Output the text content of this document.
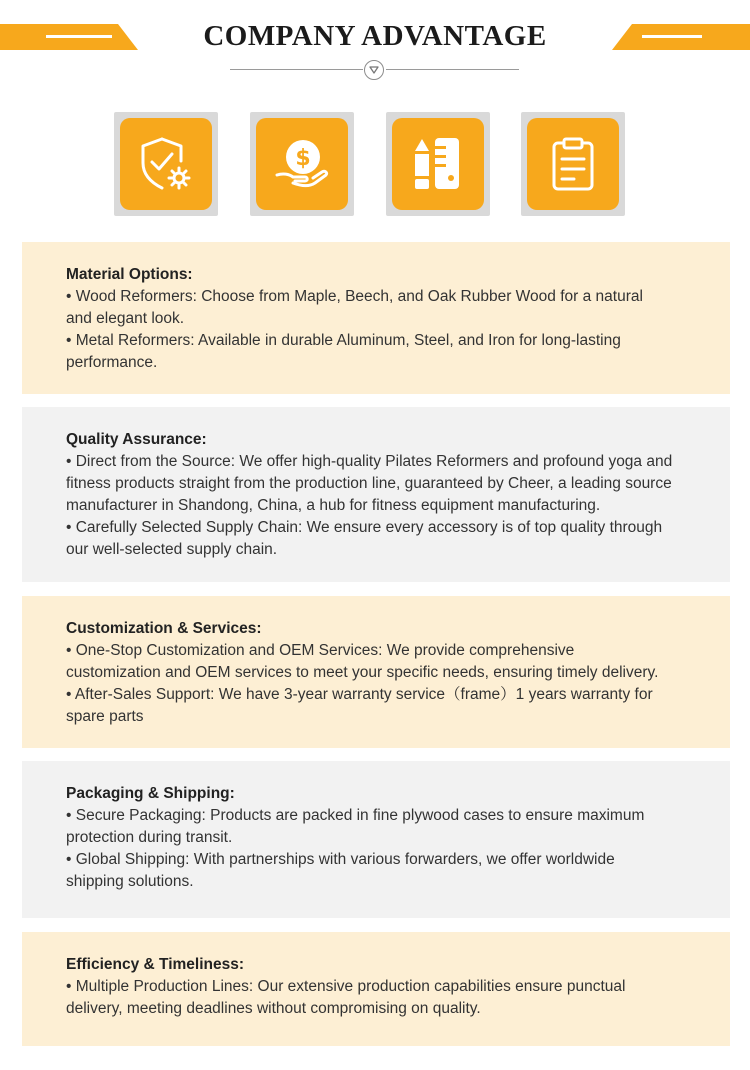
COMPANY ADVANTAGE
$
Material Options:
• Wood Reformers: Choose from Maple, Beech, and Oak Rubber Wood for a natural
and elegant look.
• Metal Reformers: Available in durable Aluminum, Steel, and Iron for long-lasting
performance.
Quality Assurance:
• Direct from the Source: We offer high-quality Pilates Reformers and profound yoga and
fitness products straight from the production line, guaranteed by Cheer, a leading source
manufacturer in Shandong, China, a hub for fitness equipment manufacturing.
• Carefully Selected Supply Chain: We ensure every accessory is of top quality through
our well-selected supply chain.
Customization & Services:
• One-Stop Customization and OEM Services: We provide comprehensive
customization and OEM services to meet your specific needs, ensuring timely delivery.
• After-Sales Support: We have 3-year warranty service（frame）1 years warranty for
spare parts
Packaging & Shipping:
• Secure Packaging: Products are packed in fine plywood cases to ensure maximum
protection during transit.
• Global Shipping: With partnerships with various forwarders, we offer worldwide
shipping solutions.
Efficiency & Timeliness:
• Multiple Production Lines: Our extensive production capabilities ensure punctual
delivery, meeting deadlines without compromising on quality.
